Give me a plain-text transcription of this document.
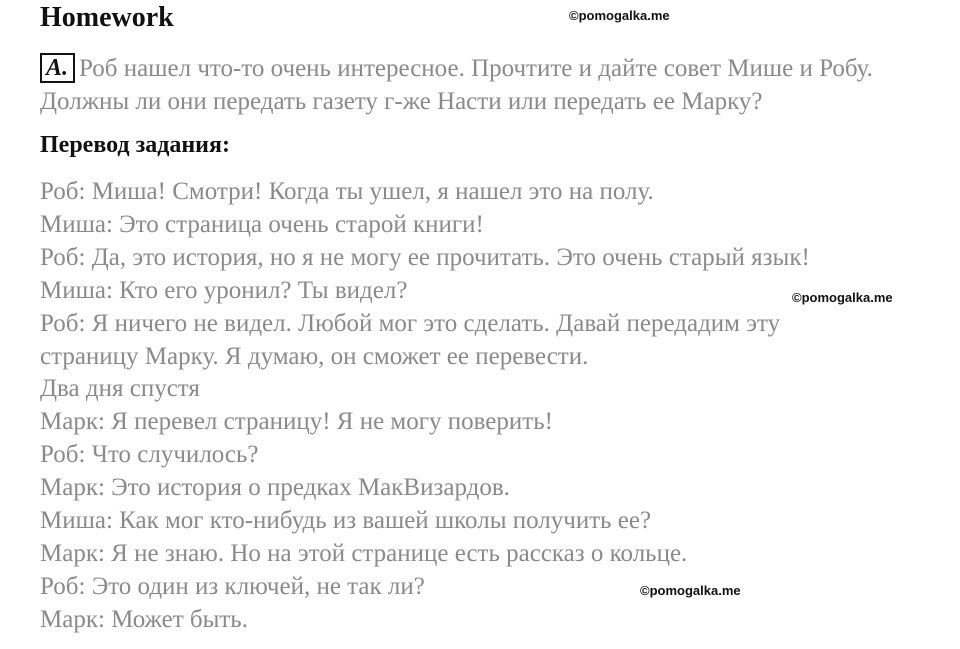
Homework	©pomogalka.me
©pomogalka.me
©pomogalka.me

A. Роб нашел что-то очень интересное. Прочтите и дайте совет Мише и Робу. Должны ли они передать газету г-же Насти или передать ее Марку?

Перевод задания:
Роб: Миша! Смотри! Когда ты ушел, я нашел это на полу.
Миша: Это страница очень старой книги!
Роб: Да, это история, но я не могу ее прочитать. Это очень старый язык!
Миша: Кто его уронил? Ты видел?
Роб: Я ничего не видел. Любой мог это сделать. Давай передадим эту
страницу Марку. Я думаю, он сможет ее перевести.
Два дня спустя
Марк: Я перевел страницу! Я не могу поверить!
Роб: Что случилось?
Марк: Это история о предках МакВизардов.
Миша: Как мог кто-нибудь из вашей школы получить ее?
Марк: Я не знаю. Но на этой странице есть рассказ о кольце.
Роб: Это один из ключей, не так ли?
Марк: Может быть.
